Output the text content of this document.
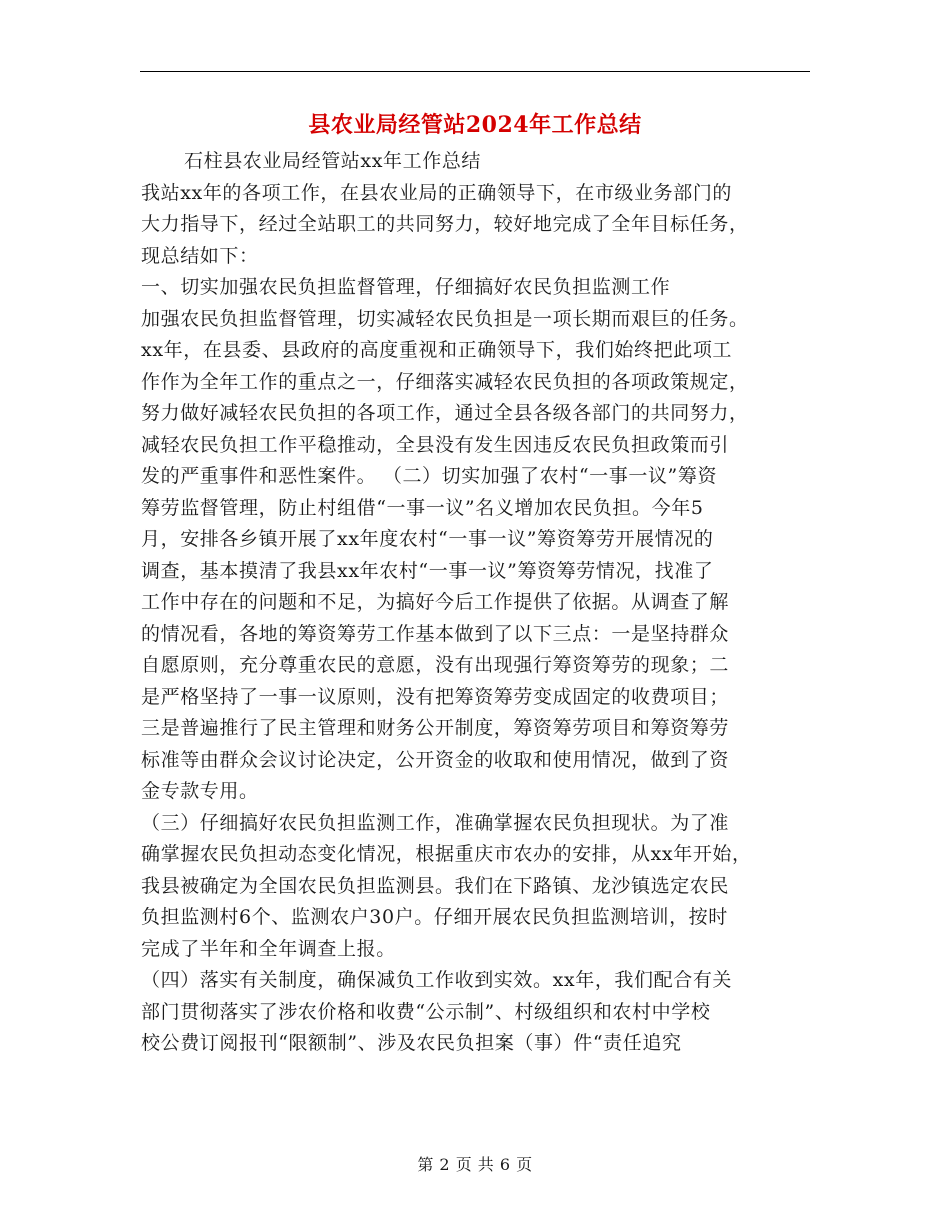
县农业局经管站2024年工作总结
石柱县农业局经管站xx年工作总结
我站xx年的各项工作，在县农业局的正确领导下，在市级业务部门的
大力指导下，经过全站职工的共同努力，较好地完成了全年目标任务，
现总结如下：
一、切实加强农民负担监督管理，仔细搞好农民负担监测工作
加强农民负担监督管理，切实减轻农民负担是一项长期而艰巨的任务。
xx年，在县委、县政府的高度重视和正确领导下，我们始终把此项工
作作为全年工作的重点之一，仔细落实减轻农民负担的各项政策规定，
努力做好减轻农民负担的各项工作，通过全县各级各部门的共同努力，
减轻农民负担工作平稳推动，全县没有发生因违反农民负担政策而引
发的严重事件和恶性案件。 （二）切实加强了农村“一事一议”筹资
筹劳监督管理，防止村组借“一事一议”名义增加农民负担。今年5
月，安排各乡镇开展了xx年度农村“一事一议”筹资筹劳开展情况的
调查，基本摸清了我县xx年农村“一事一议”筹资筹劳情况，找准了
工作中存在的问题和不足，为搞好今后工作提供了依据。从调查了解
的情况看，各地的筹资筹劳工作基本做到了以下三点：一是坚持群众
自愿原则，充分尊重农民的意愿，没有出现强行筹资筹劳的现象；二
是严格坚持了一事一议原则，没有把筹资筹劳变成固定的收费项目；
三是普遍推行了民主管理和财务公开制度，筹资筹劳项目和筹资筹劳
标准等由群众会议讨论决定，公开资金的收取和使用情况，做到了资
金专款专用。
（三）仔细搞好农民负担监测工作，准确掌握农民负担现状。为了准
确掌握农民负担动态变化情况，根据重庆市农办的安排，从xx年开始，
我县被确定为全国农民负担监测县。我们在下路镇、龙沙镇选定农民
负担监测村6个、监测农户30户。仔细开展农民负担监测培训，按时
完成了半年和全年调查上报。
（四）落实有关制度，确保减负工作收到实效。xx年，我们配合有关
部门贯彻落实了涉农价格和收费“公示制”、村级组织和农村中学校
校公费订阅报刊“限额制”、涉及农民负担案（事）件“责任追究
第 2 页 共 6 页
